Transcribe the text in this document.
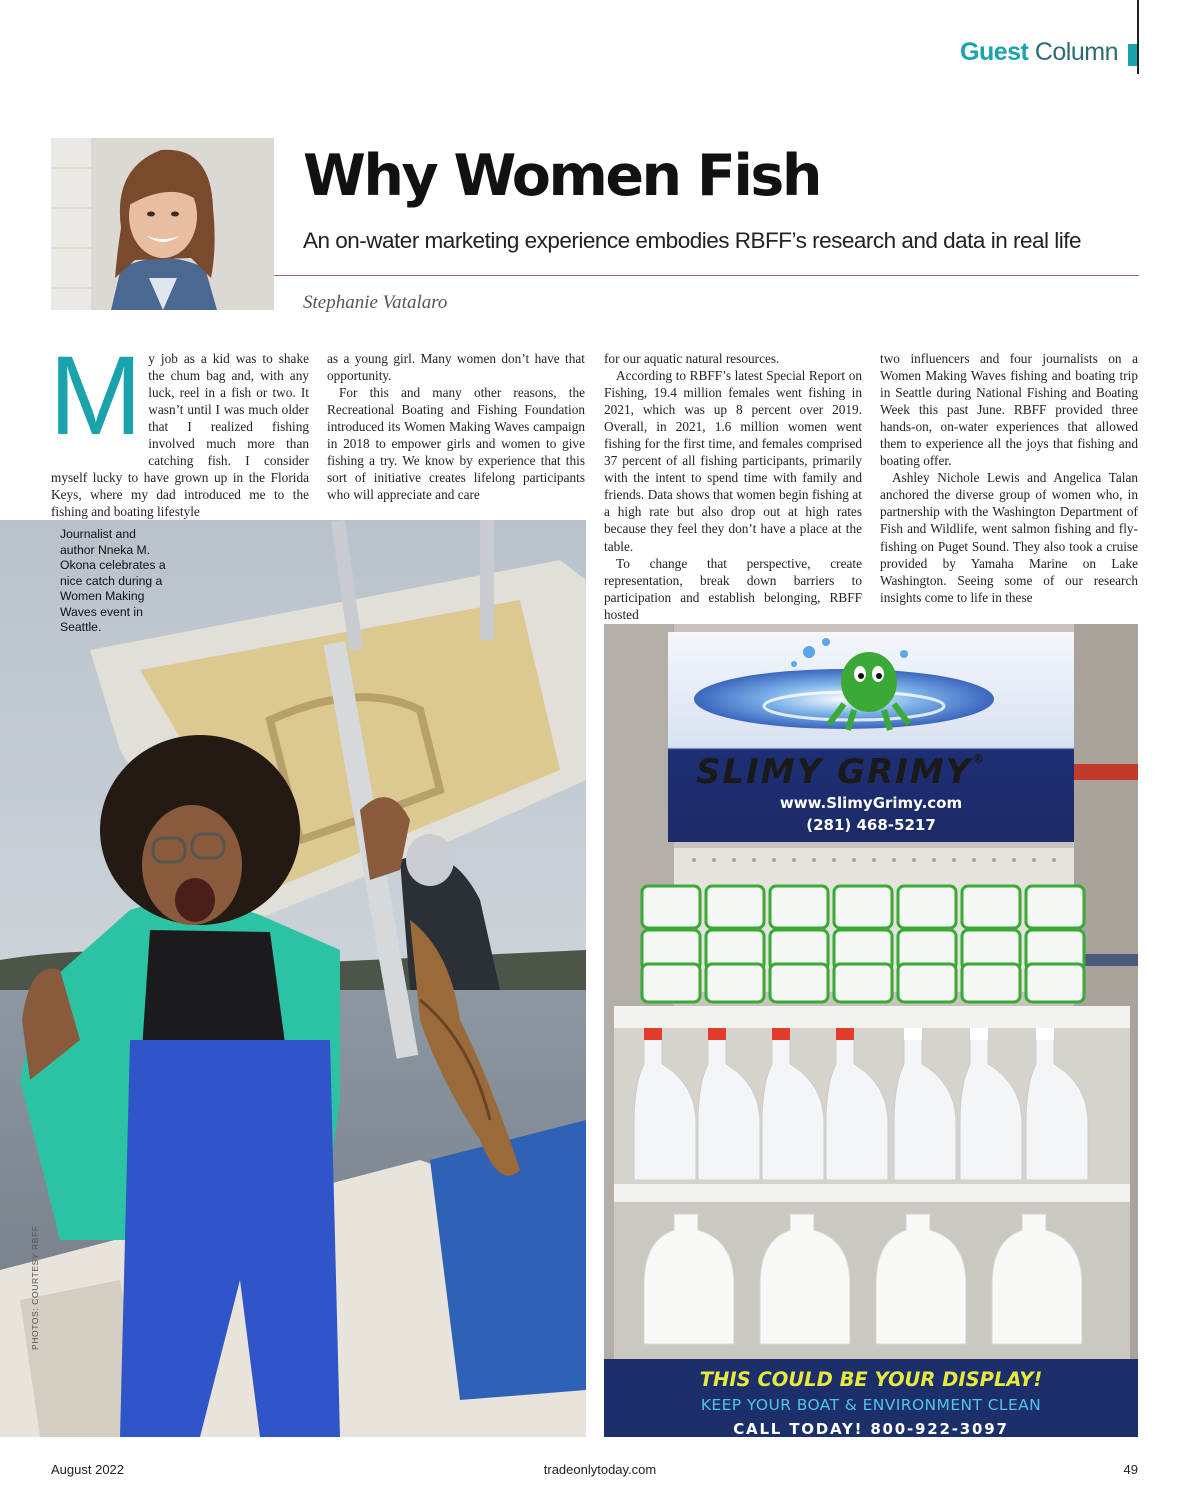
Guest Column
Why Women Fish
An on-water marketing experience embodies RBFF’s research and data in real life
Stephanie Vatalaro
M y job as a kid was to shake the chum bag and, with any luck, reel in a fish or two. It wasn’t until I was much older that I realized fishing involved much more than catching fish. I consider myself lucky to have grown up in the Florida Keys, where my dad introduced me to the fishing and boating lifestyle

as a young girl. Many women don’t have that opportunity.

For this and many other reasons, the Recreational Boating and Fishing Foundation introduced its Women Making Waves campaign in 2018 to empower girls and women to give fishing a try. We know by experience that this sort of initiative creates lifelong participants who will appreciate and care

for our aquatic natural resources.

According to RBFF’s latest Special Report on Fishing, 19.4 million females went fishing in 2021, which was up 8 percent over 2019. Overall, in 2021, 1.6 million women went fishing for the first time, and females comprised 37 percent of all fishing participants, primarily with the intent to spend time with family and friends. Data shows that women begin fishing at a high rate but also drop out at high rates because they feel they don’t have a place at the table.

To change that perspective, create representation, break down barriers to participation and establish belonging, RBFF hosted

two influencers and four journalists on a Women Making Waves fishing and boating trip in Seattle during National Fishing and Boating Week this past June. RBFF provided three hands-on, on-water experiences that allowed them to experience all the joys that fishing and boating offer.

Ashley Nichole Lewis and Angelica Talan anchored the diverse group of women who, in partnership with the Washington Department of Fish and Wildlife, went salmon fishing and fly-fishing on Puget Sound. They also took a cruise provided by Yamaha Marine on Lake Washington. Seeing some of our research insights come to life in these

Journalist and author Nneka M. Okona celebrates a nice catch during a Women Making Waves event in Seattle.
PHOTOS: COURTESY RBFF
SLIMY GRIMY®
www.SlimyGrimy.com
(281) 468-5217
THIS COULD BE YOUR DISPLAY!
KEEP YOUR BOAT & ENVIRONMENT CLEAN
CALL TODAY! 800-922-3097
August 2022	tradeonlytoday.com	49
